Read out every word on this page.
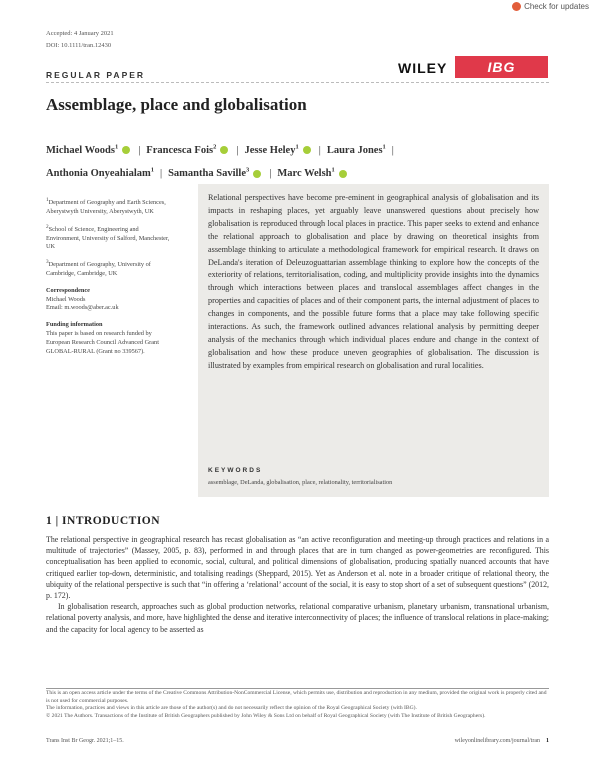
Check for updates
Accepted: 4 January 2021
DOI: 10.1111/tran.12430
REGULAR PAPER	WILEY	IBG
Assemblage, place and globalisation
Michael Woods$^1$ | Francesca Fois$^2$ | Jesse Heley$^1$ | Laura Jones$^1$ |
Anthonia Onyeahialam$^1$ | Samantha Saville$^3$ | Marc Welsh$^1$
$^1$Department of Geography and Earth Sciences, Aberystwyth University, Aberystwyth, UK
$^2$School of Science, Engineering and Environment, University of Salford, Manchester, UK
$^3$Department of Geography, University of Cambridge, Cambridge, UK
Correspondence
Michael Woods
Email: m.woods@aber.ac.uk
Funding information
This paper is based on research funded by European Research Council Advanced Grant GLOBAL-RURAL (Grant no 339567).
Relational perspectives have become pre-eminent in geographical analysis of globalisation and its impacts in reshaping places, yet arguably leave unanswered questions about precisely how globalisation is reproduced through local places in practice. This paper seeks to extend and enhance the relational approach to globalisation and place by drawing on theoretical insights from assemblage thinking to articulate a methodological framework for empirical research. It draws on DeLanda's iteration of Deleuzoguattarian assemblage thinking to explore how the concepts of the exteriority of relations, territorialisation, coding, and multiplicity provide insights into the dynamics through which interactions between places and translocal assemblages affect changes in the properties and capacities of places and of their component parts, the internal adjustment of places to changes in components, and the possible future forms that a place may take following specific interactions. As such, the framework outlined advances relational analysis by permitting deeper analysis of the mechanics through which individual places endure and change in the context of globalisation and how these produce uneven geographies of globalisation. The discussion is illustrated by examples from empirical research on globalisation and rural localities.
KEYWORDS
assemblage, DeLanda, globalisation, place, relationality, territorialisation
1 | INTRODUCTION

The relational perspective in geographical research has recast globalisation as “an active reconfiguration and meeting-up through practices and relations in a multitude of trajectories” (Massey, 2005, p. 83), performed in and through places that are in turn changed as power-geometries are reconfigured. This conceptualisation has been applied to economic, social, cultural, and political dimensions of globalisation, producing spatially nuanced accounts that have critiqued earlier top-down, deterministic, and totalising readings (Sheppard, 2015). Yet as Anderson et al. note in a broader critique of relational theory, the ubiquity of the relational perspective is such that “in offering a ‘relational’ account of the social, it is easy to stop short of a set of subsequent questions” (2012, p. 172).

In globalisation research, approaches such as global production networks, relational comparative urbanism, planetary urbanism, transnational urbanism, relational poverty analysis, and more, have highlighted the dense and iterative interconnectivity of places; the influence of translocal relations in place-making; and the capacity for local agency to be asserted as

This is an open access article under the terms of the Creative Commons Attribution-NonCommercial License, which permits use, distribution and reproduction in any medium, provided the original work is properly cited and is not used for commercial purposes.

The information, practices and views in this article are those of the author(s) and do not necessarily reflect the opinion of the Royal Geographical Society (with IBG).

© 2021 The Authors. Transactions of the Institute of British Geographers published by John Wiley & Sons Ltd on behalf of Royal Geographical Society (with The Institute of British Geographers).

Trans Inst Br Geogr. 2021;1–15.	wileyonlinelibrary.com/journal/tran 1
